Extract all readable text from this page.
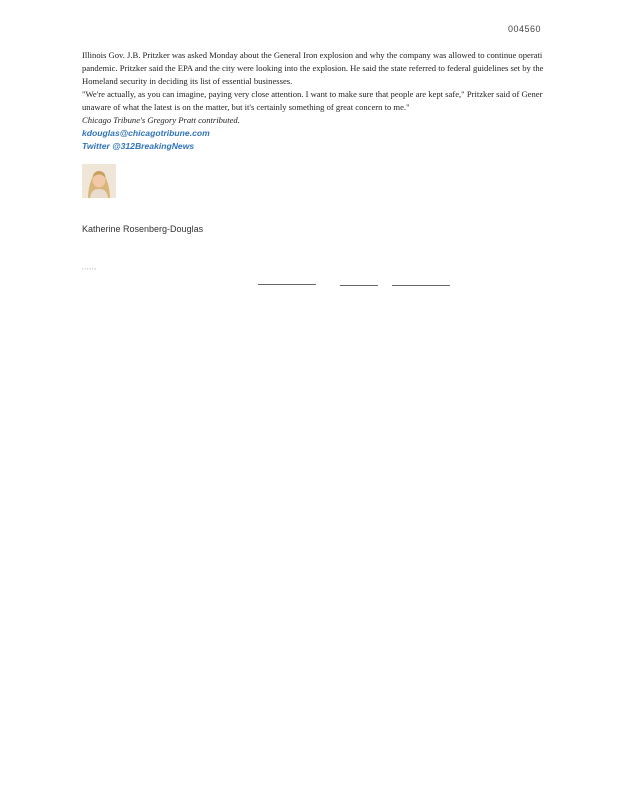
004560

Illinois Gov. J.B. Pritzker was asked Monday about the General Iron explosion and why the company was allowed to continue operati

pandemic. Pritzker said the EPA and the city were looking into the explosion. He said the state referred to federal guidelines set by the

Homeland security in deciding its list of essential businesses.

"We're actually, as you can imagine, paying very close attention. I want to make sure that people are kept safe," Pritzker said of Gener

unaware of what the latest is on the matter, but it's certainly something of great concern to me."

Chicago Tribune's Gregory Pratt contributed.

kdouglas@chicagotribune.com

Twitter @312BreakingNews

Katherine Rosenberg-Douglas
▪ ▪ ▪ ▪ ▪ ▪
